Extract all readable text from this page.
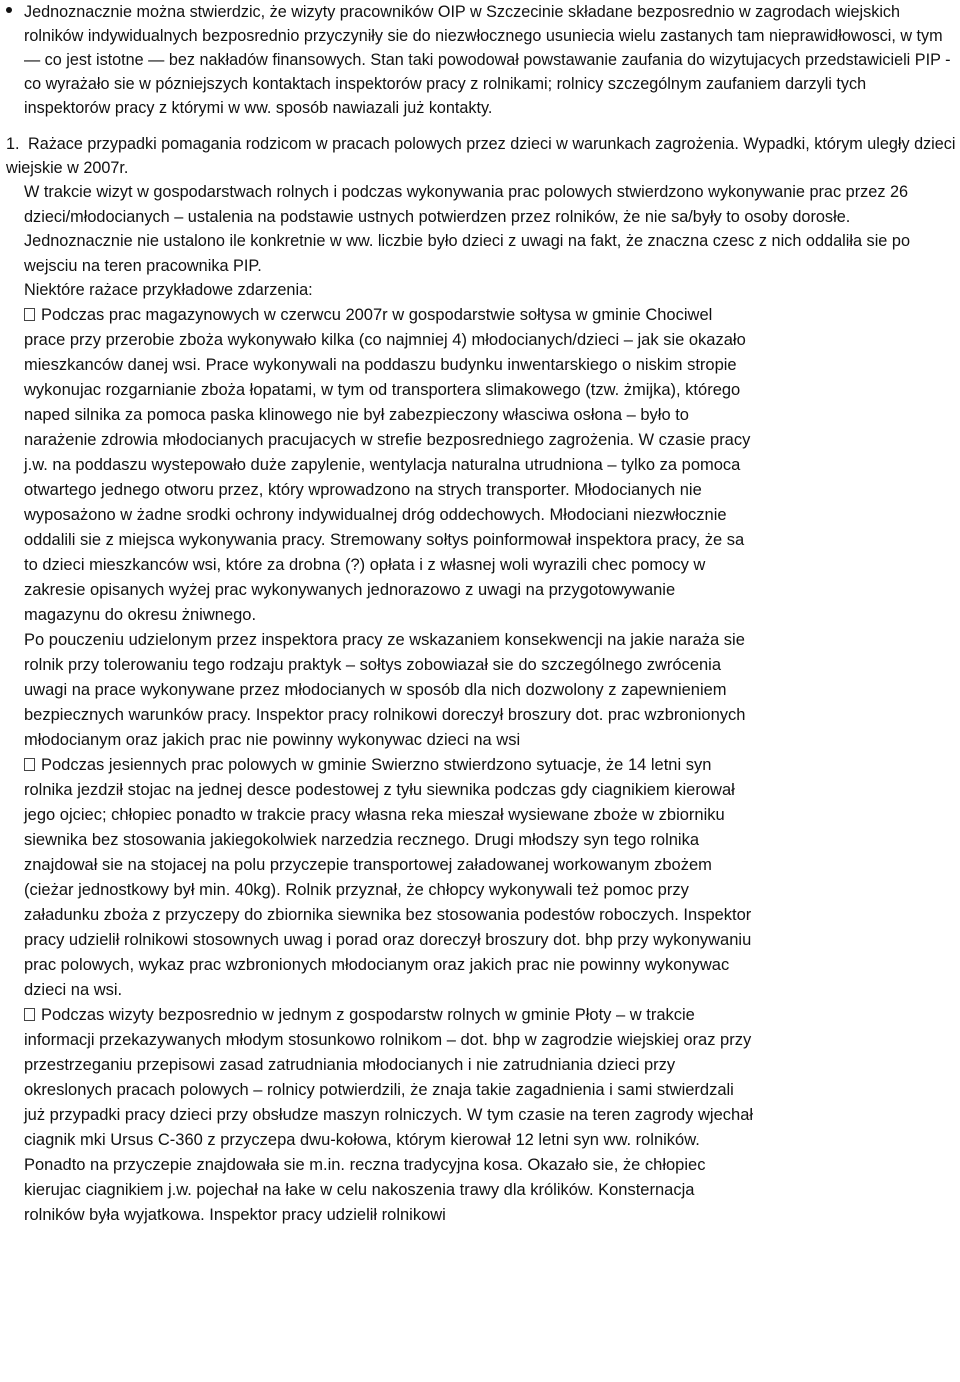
Jednoznacznie można stwierdzic, że wizyty pracowników OIP w Szczecinie składane bezposrednio w zagrodach wiejskich rolników indywidualnych bezposrednio przyczyniły sie do niezwłocznego usuniecia wielu zastanych tam nieprawidłowosci, w tym — co jest istotne — bez nakładów finansowych. Stan taki powodował powstawanie zaufania do wizytujacych przedstawicieli PIP - co wyrażało sie w pózniejszych kontaktach inspektorów pracy z rolnikami; rolnicy szczególnym zaufaniem darzyli tych inspektorów pracy z którymi w ww. sposób nawiazali już kontakty.

1. Rażace przypadki pomagania rodzicom w pracach polowych przez dzieci w warunkach zagrożenia. Wypadki, którym uległy dzieci wiejskie w 2007r.

W trakcie wizyt w gospodarstwach rolnych i podczas wykonywania prac polowych stwierdzono wykonywanie prac przez 26 dzieci/młodocianych – ustalenia na podstawie ustnych potwierdzen przez rolników, że nie sa/były to osoby dorosłe. Jednoznacznie nie ustalono ile konkretnie w ww. liczbie było dzieci z uwagi na fakt, że znaczna czesc z nich oddaliła sie po wejsciu na teren pracownika PIP.

Niektóre rażace przykładowe zdarzenia:

Podczas prac magazynowych w czerwcu 2007r w gospodarstwie sołtysa w gminie Chociwel prace przy przerobie zboża wykonywało kilka (co najmniej 4) młodocianych/dzieci – jak sie okazało mieszkanców danej wsi. Prace wykonywali na poddaszu budynku inwentarskiego o niskim stropie wykonujac rozgarnianie zboża łopatami, w tym od transportera slimakowego (tzw. żmijka), którego naped silnika za pomoca paska klinowego nie był zabezpieczony własciwa osłona – było to narażenie zdrowia młodocianych pracujacych w strefie bezposredniego zagrożenia. W czasie pracy j.w. na poddaszu wystepowało duże zapylenie, wentylacja naturalna utrudniona – tylko za pomoca otwartego jednego otworu przez, który wprowadzono na strych transporter. Młodocianych nie wyposażono w żadne srodki ochrony indywidualnej dróg oddechowych. Młodociani niezwłocznie oddalili sie z miejsca wykonywania pracy. Stremowany sołtys poinformował inspektora pracy, że sa to dzieci mieszkanców wsi, które za drobna (?) opłata i z własnej woli wyrazili chec pomocy w zakresie opisanych wyżej prac wykonywanych jednorazowo z uwagi na przygotowywanie magazynu do okresu żniwnego.

Po pouczeniu udzielonym przez inspektora pracy ze wskazaniem konsekwencji na jakie naraża sie rolnik przy tolerowaniu tego rodzaju praktyk – sołtys zobowiazał sie do szczególnego zwrócenia uwagi na prace wykonywane przez młodocianych w sposób dla nich dozwolony z zapewnieniem bezpiecznych warunków pracy. Inspektor pracy rolnikowi doreczył broszury dot. prac wzbronionych młodocianym oraz jakich prac nie powinny wykonywac dzieci na wsi

Podczas jesiennych prac polowych w gminie Swierzno stwierdzono sytuacje, że 14 letni syn rolnika jezdził stojac na jednej desce podestowej z tyłu siewnika podczas gdy ciagnikiem kierował jego ojciec; chłopiec ponadto w trakcie pracy własna reka mieszał wysiewane zboże w zbiorniku siewnika bez stosowania jakiegokolwiek narzedzia recznego. Drugi młodszy syn tego rolnika znajdował sie na stojacej na polu przyczepie transportowej załadowanej workowanym zbożem (cieżar jednostkowy był min. 40kg). Rolnik przyznał, że chłopcy wykonywali też pomoc przy załadunku zboża z przyczepy do zbiornika siewnika bez stosowania podestów roboczych. Inspektor pracy udzielił rolnikowi stosownych uwag i porad oraz doreczył broszury dot. bhp przy wykonywaniu prac polowych, wykaz prac wzbronionych młodocianym oraz jakich prac nie powinny wykonywac dzieci na wsi.

Podczas wizyty bezposrednio w jednym z gospodarstw rolnych w gminie Płoty – w trakcie informacji przekazywanych młodym stosunkowo rolnikom – dot. bhp w zagrodzie wiejskiej oraz przy przestrzeganiu przepisowi zasad zatrudniania młodocianych i nie zatrudniania dzieci przy okreslonych pracach polowych – rolnicy potwierdzili, że znaja takie zagadnienia i sami stwierdzali już przypadki pracy dzieci przy obsłudze maszyn rolniczych. W tym czasie na teren zagrody wjechał ciagnik mki Ursus C-360 z przyczepa dwu-kołowa, którym kierował 12 letni syn ww. rolników. Ponadto na przyczepie znajdowała sie m.in. reczna tradycyjna kosa. Okazało sie, że chłopiec kierujac ciagnikiem j.w. pojechał na łake w celu nakoszenia trawy dla królików. Konsternacja rolników była wyjatkowa. Inspektor pracy udzielił rolnikowi
